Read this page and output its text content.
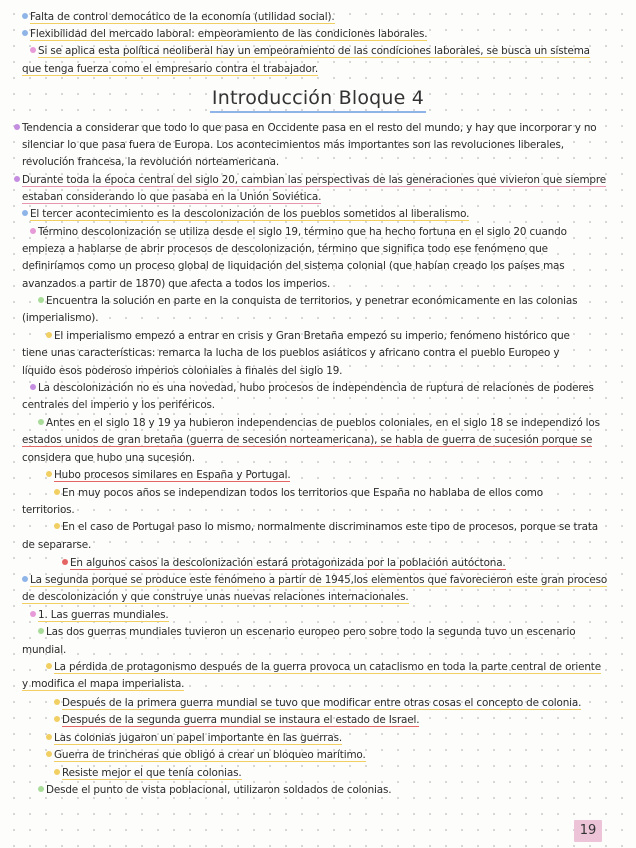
Falta de control democático de la economía (utilidad social).
Flexibilidad del mercado laboral: empeoramiento de las condiciones laborales.
Si se aplica esta política neoliberal hay un empeoramiento de las condiciones laborales, se busca un sistema
que tenga fuerza como el empresario contra el trabajador.
Introducción Bloque 4
Tendencia a considerar que todo lo que pasa en Occidente pasa en el resto del mundo, y hay que incorporar y no
silenciar lo que pasa fuera de Europa. Los acontecimientos más importantes son las revoluciones liberales,
revolución francesa, la revolución norteamericana.
Durante toda la época central del siglo 20, cambian las perspectivas de las generaciones que vivieron que siempre
estaban considerando lo que pasaba en la Unión Soviética.
El tercer acontecimiento es la descolonización de los pueblos sometidos al liberalismo.
Término descolonización se utiliza desde el siglo 19, término que ha hecho fortuna en el siglo 20 cuando
empieza a hablarse de abrir procesos de descolonización, término que significa todo ese fenómeno que
definiríamos como un proceso global de liquidación del sistema colonial (que habían creado los países mas
avanzados a partir de 1870) que afecta a todos los imperios.
Encuentra la solución en parte en la conquista de territorios, y penetrar económicamente en las colonias
(imperialismo).
El imperialismo empezó a entrar en crisis y Gran Bretaña empezó su imperio, fenómeno histórico que
tiene unas características: remarca la lucha de los pueblos asiáticos y africano contra el pueblo Europeo y
líquido esos poderoso imperios coloniales a finales del siglo 19.
La descolonización no es una novedad, hubo procesos de independencia de ruptura de relaciones de poderes
centrales del imperio y los periféricos.
Antes en el siglo 18 y 19 ya hubieron independencias de pueblos coloniales, en el siglo 18 se independizó los
estados unidos de gran bretaña (guerra de secesión norteamericana), se habla de guerra de sucesión porque se
considera que hubo una sucesión.
Hubo procesos similares en España y Portugal.
En muy pocos años se independizan todos los territorios que España no hablaba de ellos como
territorios.
En el caso de Portugal paso lo mismo, normalmente discriminamos este tipo de procesos, porque se trata
de separarse.
En algunos casos la descolonización estará protagonizada por la población autóctona.
La segunda porque se produce este fenómeno a partir de 1945,los elementos que favorecieron este gran proceso
de descolonización y que construye unas nuevas relaciones internacionales.
1. Las guerras mundiales.
Las dos guerras mundiales tuvieron un escenario europeo pero sobre todo la segunda tuvo un escenario
mundial.
La pérdida de protagonismo después de la guerra provoca un cataclismo en toda la parte central de oriente
y modifica el mapa imperialista.
Después de la primera guerra mundial se tuvo que modificar entre otras cosas el concepto de colonia.
Después de la segunda guerra mundial se instaura el estado de Israel.
Las colonias jugaron un papel importante en las guerras.
Guerra de trincheras que obligó a crear un bloqueo marítimo.
Resiste mejor el que tenía colonias.
Desde el punto de vista poblacional, utilizaron soldados de colonias.
19
